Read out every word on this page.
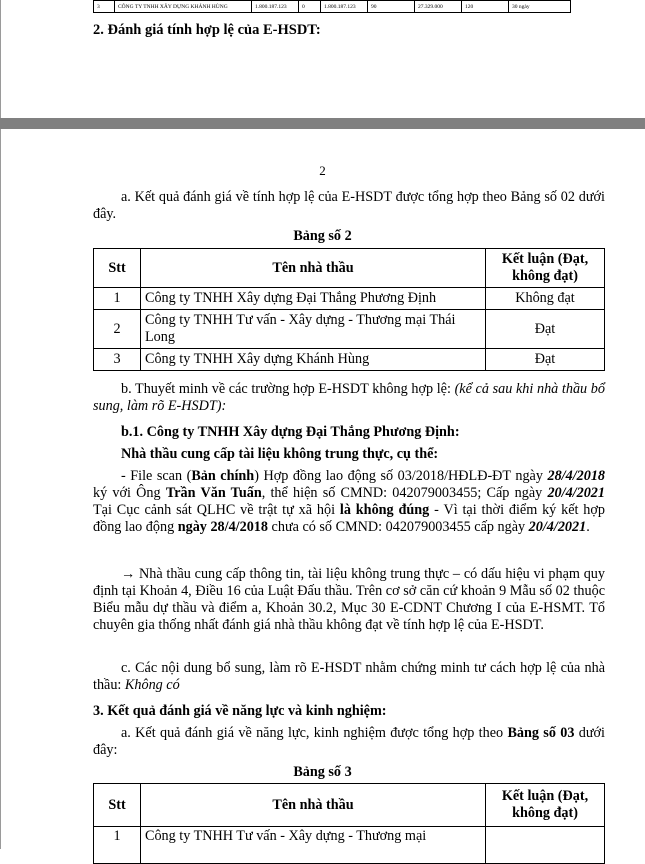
3	CÔNG TY TNHH XÂY DỰNG KHÁNH HÙNG	1.800.187.123	0	1.800.187.123	90	27.329.000	120	30 ngày
2. Đánh giá tính hợp lệ của E-HSDT:
2
a. Kết quả đánh giá về tính hợp lệ của E-HSDT được tổng hợp theo Bảng số 02 dưới đây.
Bảng số 2
Stt	Tên nhà thầu	Kết luận (Đạt, không đạt)
1	Công ty TNHH Xây dựng Đại Thắng Phương Định	Không đạt
2	Công ty TNHH Tư vấn - Xây dựng - Thương mại Thái Long	Đạt
3	Công ty TNHH Xây dựng Khánh Hùng	Đạt
b. Thuyết minh về các trường hợp E-HSDT không hợp lệ: (kể cả sau khi nhà thầu bổ sung, làm rõ E-HSDT):
b.1. Công ty TNHH Xây dựng Đại Thắng Phương Định:
Nhà thầu cung cấp tài liệu không trung thực, cụ thể:
- File scan (Bản chính) Hợp đồng lao động số 03/2018/HĐLĐ-ĐT ngày 28/4/2018 ký với Ông Trần Văn Tuấn, thể hiện số CMND: 042079003455; Cấp ngày 20/4/2021 Tại Cục cảnh sát QLHC về trật tự xã hội là không đúng - Vì tại thời điểm ký kết hợp đồng lao động ngày 28/4/2018 chưa có số CMND: 042079003455 cấp ngày 20/4/2021.
→ Nhà thầu cung cấp thông tin, tài liệu không trung thực – có dấu hiệu vi phạm quy định tại Khoản 4, Điều 16 của Luật Đấu thầu. Trên cơ sở căn cứ khoản 9 Mẫu số 02 thuộc Biểu mẫu dự thầu và điểm a, Khoản 30.2, Mục 30 E-CDNT Chương I của E-HSMT. Tổ chuyên gia thống nhất đánh giá nhà thầu không đạt về tính hợp lệ của E-HSDT.
c. Các nội dung bổ sung, làm rõ E-HSDT nhằm chứng minh tư cách hợp lệ của nhà thầu: Không có
3. Kết quả đánh giá về năng lực và kinh nghiệm:
a. Kết quả đánh giá về năng lực, kinh nghiệm được tổng hợp theo Bảng số 03 dưới đây:
Bảng số 3
Stt	Tên nhà thầu	Kết luận (Đạt, không đạt)
1	Công ty TNHH Tư vấn - Xây dựng - Thương mại	
